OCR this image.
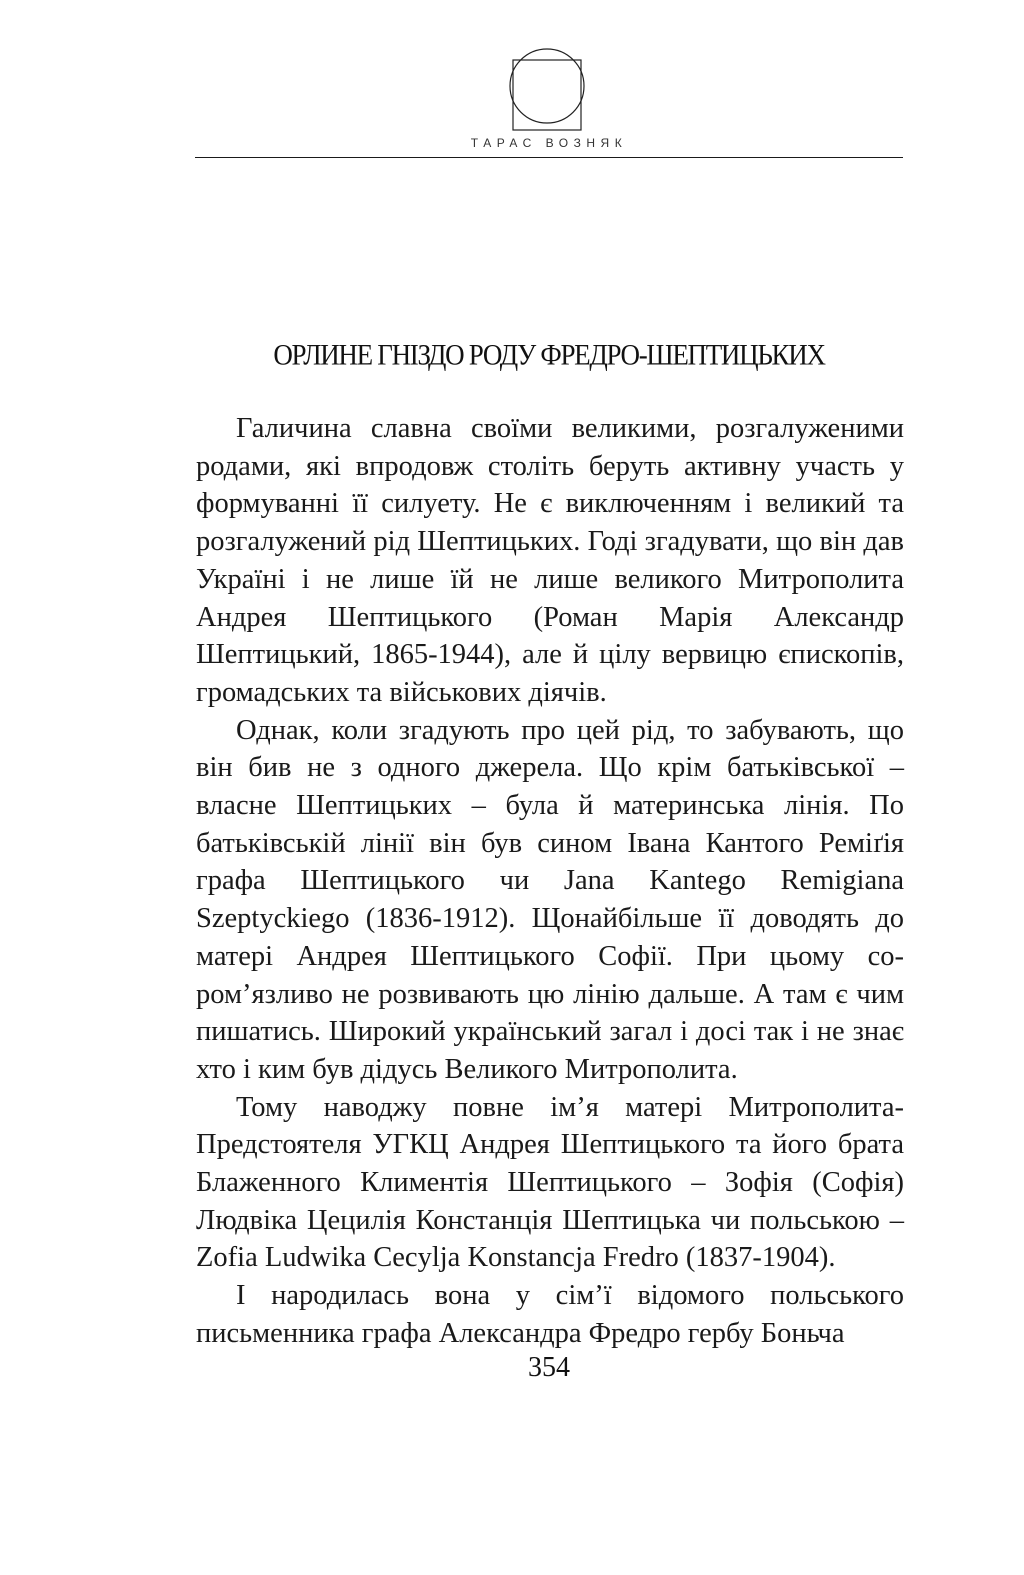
ТАРАС ВОЗНЯК
ОРЛИНЕ ГНІЗДО РОДУ ФРЕДРО-ШЕПТИЦЬКИХ

Галичина славна своїми великими, розгалуженими родами, які впродовж століть беруть активну участь у формуванні її силуету. Не є виключенням і великий та розгалужений рід Шептицьких. Годі згадувати, що він дав Україні і не лише їй не лише великого Митрополита Андрея Шептицького (Роман Марія Александр Шептицький, 1865-1944), але й цілу вервицю єпископів, громадських та військових діячів.

Однак, коли згадують про цей рід, то забувають, що він бив не з одного джерела. Що крім батьківської – власне Шептицьких – була й материнська лінія. По батьківській лінії він був сином Івана Кантого Реміґія графа Шептицького чи Jana Kantego Remigiana Szeptyckiego (1836-1912). Щонайбільше її доводять до матері Андрея Шептицького Софії. При цьому сором’язливо не розвивають цю лінію дальше. А там є чим пишатись. Широкий український загал і досі так і не знає хто і ким був дідусь Великого Митрополита.

Тому наводжу повне ім’я матері Митрополита-Предстоятеля УГКЦ Андрея Шептицького та його брата Блаженного Климентія Шептицького – Зофія (Софія) Людвіка Цецилія Констанція Шептицька чи польською – Zofia Ludwika Cecylja Konstancja Fredro (1837-1904).

І народилась вона у сім’ї відомого польського письменника графа Александра Фредро гербу Боньча

354
